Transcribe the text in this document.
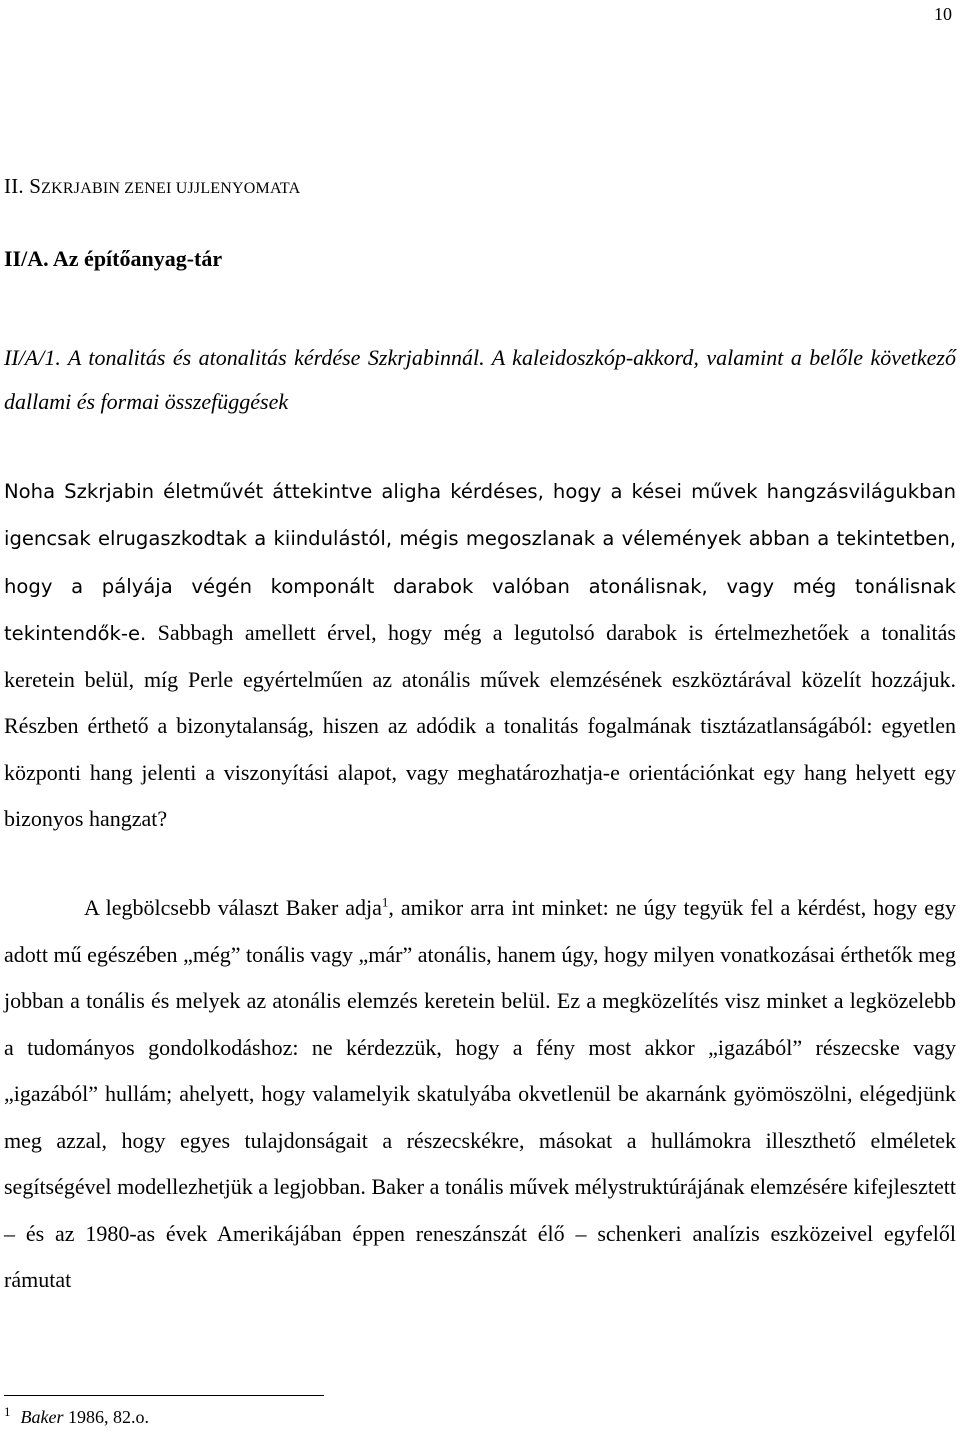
10
II. SZKRJABIN ZENEI UJJLENYOMATA
II/A. Az építőanyag-tár
II/A/1. A tonalitás és atonalitás kérdése Szkrjabinnál. A kaleidoszkóp-akkord, valamint a belőle következő dallami és formai összefüggések
Noha Szkrjabin életművét áttekintve aligha kérdéses, hogy a kései művek hangzásvilágukban igencsak elrugaszkodtak a kiindulástól, mégis megoszlanak a vélemények abban a tekintetben, hogy a pályája végén komponált darabok valóban atonálisnak, vagy még tonálisnak tekintendők-e. Sabbagh amellett érvel, hogy még a legutolsó darabok is értelmezhetőek a tonalitás keretein belül, míg Perle egyértelműen az atonális művek elemzésének eszköztárával közelít hozzájuk. Részben érthető a bizonytalanság, hiszen az adódik a tonalitás fogalmának tisztázatlanságából: egyetlen központi hang jelenti a viszonyítási alapot, vagy meghatározhatja-e orientációnkat egy hang helyett egy bizonyos hangzat?
A legbölcsebb választ Baker adja$^1$, amikor arra int minket: ne úgy tegyük fel a kérdést, hogy egy adott mű egészében „még” tonális vagy „már” atonális, hanem úgy, hogy milyen vonatkozásai érthetők meg jobban a tonális és melyek az atonális elemzés keretein belül. Ez a megközelítés visz minket a legközelebb a tudományos gondolkodáshoz: ne kérdezzük, hogy a fény most akkor „igazából” részecske vagy „igazából” hullám; ahelyett, hogy valamelyik skatulyába okvetlenül be akarnánk gyömöszölni, elégedjünk meg azzal, hogy egyes tulajdonságait a részecskékre, másokat a hullámokra illeszthető elméletek segítségével modellezhetjük a legjobban. Baker a tonális művek mélystruktúrájának elemzésére kifejlesztett – és az 1980-as évek Amerikájában éppen reneszánszát élő – schenkeri analízis eszközeivel egyfelől rámutat
$^1$ Baker 1986, 82.o.
